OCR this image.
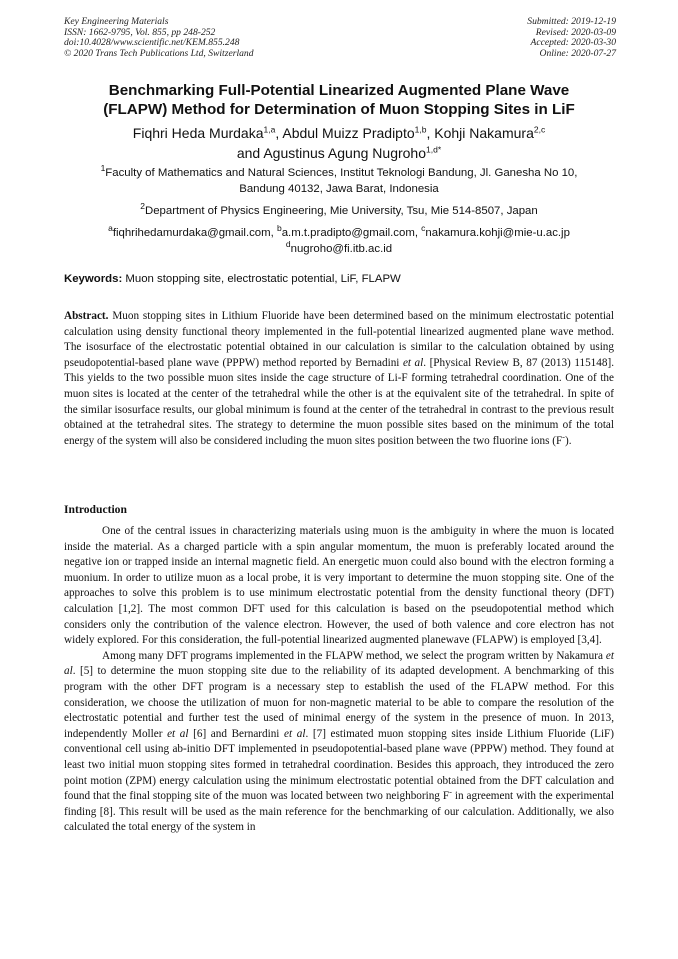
Key Engineering Materials
ISSN: 1662-9795, Vol. 855, pp 248-252
doi:10.4028/www.scientific.net/KEM.855.248
© 2020 Trans Tech Publications Ltd, Switzerland
Submitted: 2019-12-19
Revised: 2020-03-09
Accepted: 2020-03-30
Online: 2020-07-27
Benchmarking Full-Potential Linearized Augmented Plane Wave
(FLAPW) Method for Determination of Muon Stopping Sites in LiF
Fiqhri Heda Murdaka$^{1,a}$, Abdul Muizz Pradipto$^{1,b}$, Kohji Nakamura$^{2,c}$
and Agustinus Agung Nugroho$^{1,d*}$
$^1$Faculty of Mathematics and Natural Sciences, Institut Teknologi Bandung, Jl. Ganesha No 10,
Bandung 40132, Jawa Barat, Indonesia
$^2$Department of Physics Engineering, Mie University, Tsu, Mie 514-8507, Japan
$^a$fiqhrihedamurdaka@gmail.com, $^b$a.m.t.pradipto@gmail.com, $^c$nakamura.kohji@mie-u.ac.jp
$^d$nugroho@fi.itb.ac.id
Keywords: Muon stopping site, electrostatic potential, LiF, FLAPW
Abstract. Muon stopping sites in Lithium Fluoride have been determined based on the minimum electrostatic potential calculation using density functional theory implemented in the full-potential linearized augmented plane wave method. The isosurface of the electrostatic potential obtained in our calculation is similar to the calculation obtained by using pseudopotential-based plane wave (PPPW) method reported by Bernadini et al. [Physical Review B, 87 (2013) 115148]. This yields to the two possible muon sites inside the cage structure of Li-F forming tetrahedral coordination. One of the muon sites is located at the center of the tetrahedral while the other is at the equivalent site of the tetrahedral. In spite of the similar isosurface results, our global minimum is found at the center of the tetrahedral in contrast to the previous result obtained at the tetrahedral sites. The strategy to determine the muon possible sites based on the minimum of the total energy of the system will also be considered including the muon sites position between the two fluorine ions (F-).
Introduction

One of the central issues in characterizing materials using muon is the ambiguity in where the muon is located inside the material. As a charged particle with a spin angular momentum, the muon is preferably located around the negative ion or trapped inside an internal magnetic field. An energetic muon could also bound with the electron forming a muonium. In order to utilize muon as a local probe, it is very important to determine the muon stopping site. One of the approaches to solve this problem is to use minimum electrostatic potential from the density functional theory (DFT) calculation [1,2]. The most common DFT used for this calculation is based on the pseudopotential method which considers only the contribution of the valence electron. However, the used of both valence and core electron has not widely explored. For this consideration, the full-potential linearized augmented planewave (FLAPW) is employed [3,4].

Among many DFT programs implemented in the FLAPW method, we select the program written by Nakamura et al. [5] to determine the muon stopping site due to the reliability of its adapted development. A benchmarking of this program with the other DFT program is a necessary step to establish the used of the FLAPW method. For this consideration, we choose the utilization of muon for non-magnetic material to be able to compare the resolution of the electrostatic potential and further test the used of minimal energy of the system in the presence of muon. In 2013, independently Moller et al [6] and Bernardini et al. [7] estimated muon stopping sites inside Lithium Fluoride (LiF) conventional cell using ab-initio DFT implemented in pseudopotential-based plane wave (PPPW) method. They found at least two initial muon stopping sites formed in tetrahedral coordination. Besides this approach, they introduced the zero point motion (ZPM) energy calculation using the minimum electrostatic potential obtained from the DFT calculation and found that the final stopping site of the muon was located between two neighboring F- in agreement with the experimental finding [8]. This result will be used as the main reference for the benchmarking of our calculation. Additionally, we also calculated the total energy of the system in
